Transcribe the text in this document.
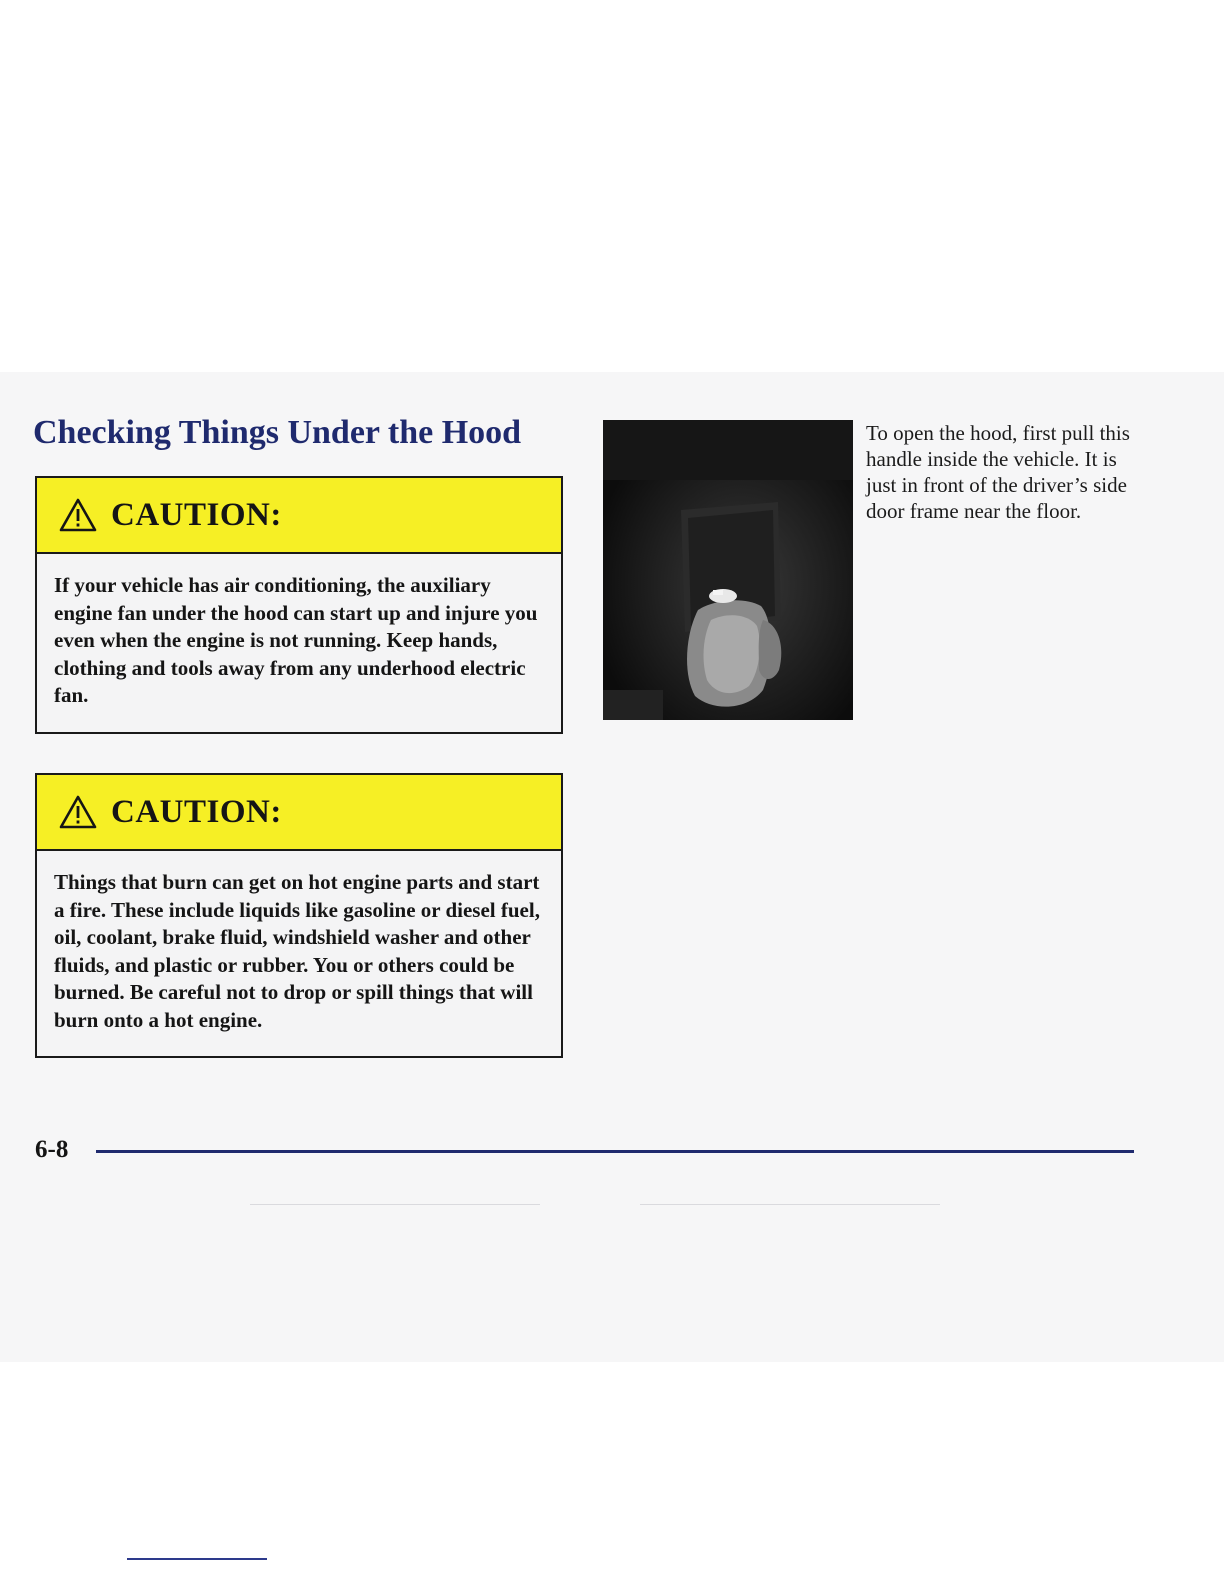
Checking Things Under the Hood
CAUTION:
If your vehicle has air conditioning, the auxiliary engine fan under the hood can start up and injure you even when the engine is not running. Keep hands, clothing and tools away from any underhood electric fan.
CAUTION:
Things that burn can get on hot engine parts and start a fire. These include liquids like gasoline or diesel fuel, oil, coolant, brake fluid, windshield washer and other fluids, and plastic or rubber. You or others could be burned. Be careful not to drop or spill things that will burn onto a hot engine.

To open the hood, first pull this handle inside the vehicle. It is just in front of the driver’s side door frame near the floor.

6-8
